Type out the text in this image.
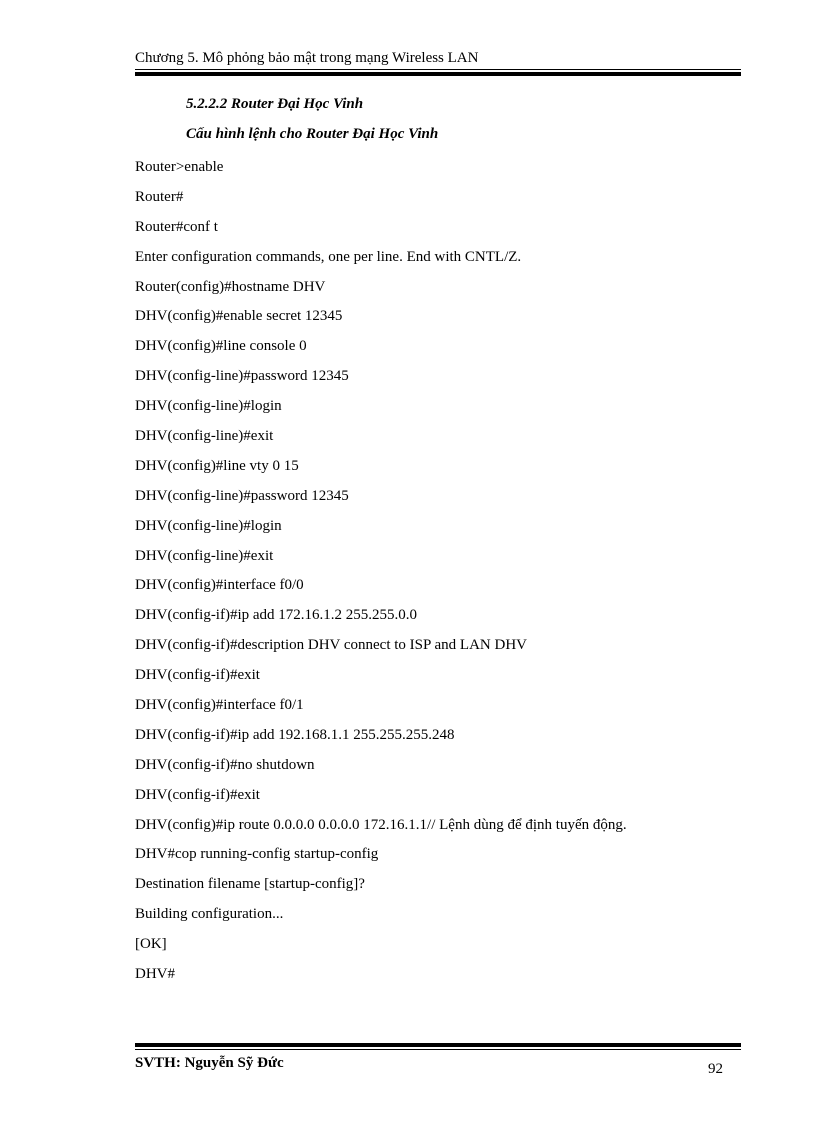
Chương 5. Mô phỏng bảo mật trong mạng Wireless LAN
5.2.2.2 Router Đại Học Vinh
Cấu hình lệnh cho Router Đại Học Vinh
Router>enable
Router#
Router#conf t
Enter configuration commands, one per line. End with CNTL/Z.
Router(config)#hostname DHV
DHV(config)#enable secret 12345
DHV(config)#line console 0
DHV(config-line)#password 12345
DHV(config-line)#login
DHV(config-line)#exit
DHV(config)#line vty 0 15
DHV(config-line)#password 12345
DHV(config-line)#login
DHV(config-line)#exit
DHV(config)#interface f0/0
DHV(config-if)#ip add 172.16.1.2 255.255.0.0
DHV(config-if)#description DHV connect to ISP and LAN DHV
DHV(config-if)#exit
DHV(config)#interface f0/1
DHV(config-if)#ip add 192.168.1.1 255.255.255.248
DHV(config-if)#no shutdown
DHV(config-if)#exit
DHV(config)#ip route 0.0.0.0 0.0.0.0 172.16.1.1// Lệnh dùng để định tuyến động.
DHV#cop running-config startup-config
Destination filename [startup-config]?
Building configuration...
[OK]
DHV#
SVTH: Nguyễn Sỹ Đức	92
